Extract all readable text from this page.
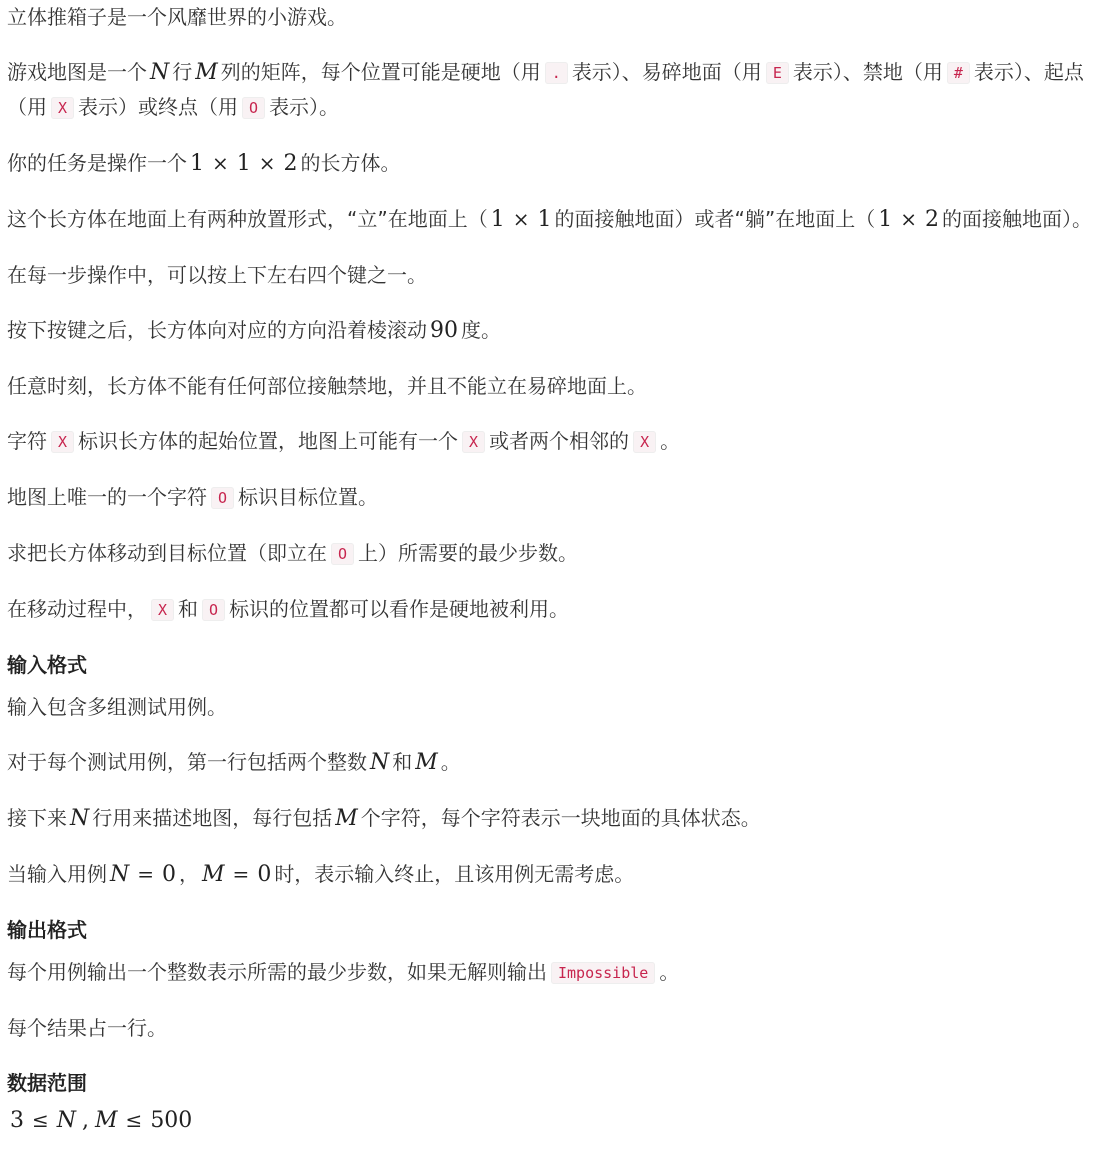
立体推箱子是一个风靡世界的小游戏。

游戏地图是一个 N 行 M 列的矩阵，每个位置可能是硬地（用 . 表示）、易碎地面（用 E 表示）、禁地（用 # 表示）、起点（用 X 表示）或终点（用 O 表示）。

你的任务是操作一个 1 × 1 × 2 的长方体。

这个长方体在地面上有两种放置形式，“立”在地面上（ 1 × 1 的面接触地面）或者“躺”在地面上（ 1 × 2 的面接触地面）。

在每一步操作中，可以按上下左右四个键之一。

按下按键之后，长方体向对应的方向沿着棱滚动 90 度。

任意时刻，长方体不能有任何部位接触禁地，并且不能立在易碎地面上。

字符 X 标识长方体的起始位置，地图上可能有一个 X 或者两个相邻的 X 。

地图上唯一的一个字符 O 标识目标位置。

求把长方体移动到目标位置（即立在 O 上）所需要的最少步数。

在移动过程中， X 和 O 标识的位置都可以看作是硬地被利用。

输入格式

输入包含多组测试用例。

对于每个测试用例，第一行包括两个整数 N 和 M 。

接下来 N 行用来描述地图，每行包括 M 个字符，每个字符表示一块地面的具体状态。

当输入用例 N = 0 ， M = 0 时，表示输入终止，且该用例无需考虑。

输出格式

每个用例输出一个整数表示所需的最少步数，如果无解则输出 Impossible 。

每个结果占一行。

数据范围

3 ≤ N , M ≤ 500
